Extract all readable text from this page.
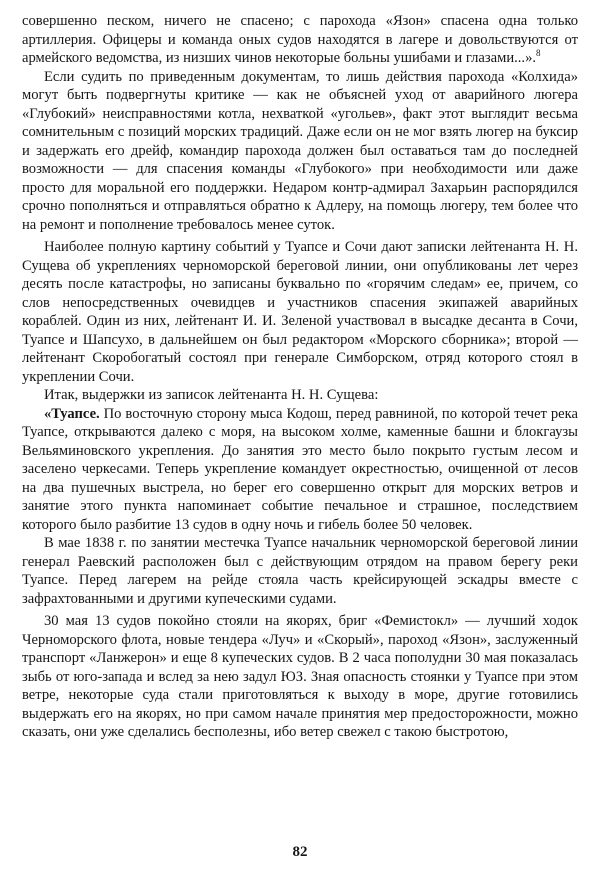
совершенно песком, ничего не спасено; с парохода «Язон» спасена одна только артиллерия. Офицеры и команда оных судов находятся в лагере и довольствуются от армейского ведомства, из низших чинов некоторые больны ушибами и глазами...».$^8$

Если судить по приведенным документам, то лишь действия парохода «Колхида» могут быть подвергнуты критике — как не объясней уход от аварийного люгера «Глубокий» неисправностями котла, нехваткой «угольев», факт этот выглядит весьма сомнительным с позиций морских традиций. Даже если он не мог взять люгер на буксир и задержать его дрейф, командир парохода должен был оставаться там до последней возможности — для спасения команды «Глубокого» при необходимости или даже просто для моральной его поддержки. Недаром контр-адмирал Захарьин распорядился срочно пополняться и отправляться обратно к Адлеру, на помощь люгеру, тем более что на ремонт и пополнение требовалось менее суток.

Наиболее полную картину событий у Туапсе и Сочи дают записки лейтенанта Н. Н. Сущева об укреплениях черноморской береговой линии, они опубликованы лет через десять после катастрофы, но записаны буквально по «горячим следам» ее, причем, со слов непосредственных очевидцев и участников спасения экипажей аварийных кораблей. Один из них, лейтенант И. И. Зеленой участвовал в высадке десанта в Сочи, Туапсе и Шапсухо, в дальнейшем он был редактором «Морского сборника»; второй — лейтенант Скоробогатый состоял при генерале Симборском, отряд которого стоял в укреплении Сочи.

Итак, выдержки из записок лейтенанта Н. Н. Сущева:

«Туапсе. По восточную сторону мыса Кодош, перед равниной, по которой течет река Туапсе, открываются далеко с моря, на высоком холме, каменные башни и блокгаузы Вельяминовского укрепления. До занятия это место было покрыто густым лесом и заселено черкесами. Теперь укрепление командует окрестностью, очищенной от лесов на два пушечных выстрела, но берег его совершенно открыт для морских ветров и занятие этого пункта напоминает событие печальное и страшное, последствием которого было разбитие 13 судов в одну ночь и гибель более 50 человек.

В мае 1838 г. по занятии местечка Туапсе начальник черноморской береговой линии генерал Раевский расположен был с действующим отрядом на правом берегу реки Туапсе. Перед лагерем на рейде стояла часть крейсирующей эскадры вместе с зафрахтованными и другими купеческими судами.

30 мая 13 судов покойно стояли на якорях, бриг «Фемистокл» — лучший ходок Черноморского флота, новые тендера «Луч» и «Скорый», пароход «Язон», заслуженный транспорт «Ланжерон» и еще 8 купеческих судов. В 2 часа пополудни 30 мая показалась зыбь от юго-запада и вслед за нею задул ЮЗ. Зная опасность стоянки у Туапсе при этом ветре, некоторые суда стали приготовляться к выходу в море, другие готовились выдержать его на якорях, но при самом начале принятия мер предосторожности, можно сказать, они уже сделались бесполезны, ибо ветер свежел с такою быстротою,

82
